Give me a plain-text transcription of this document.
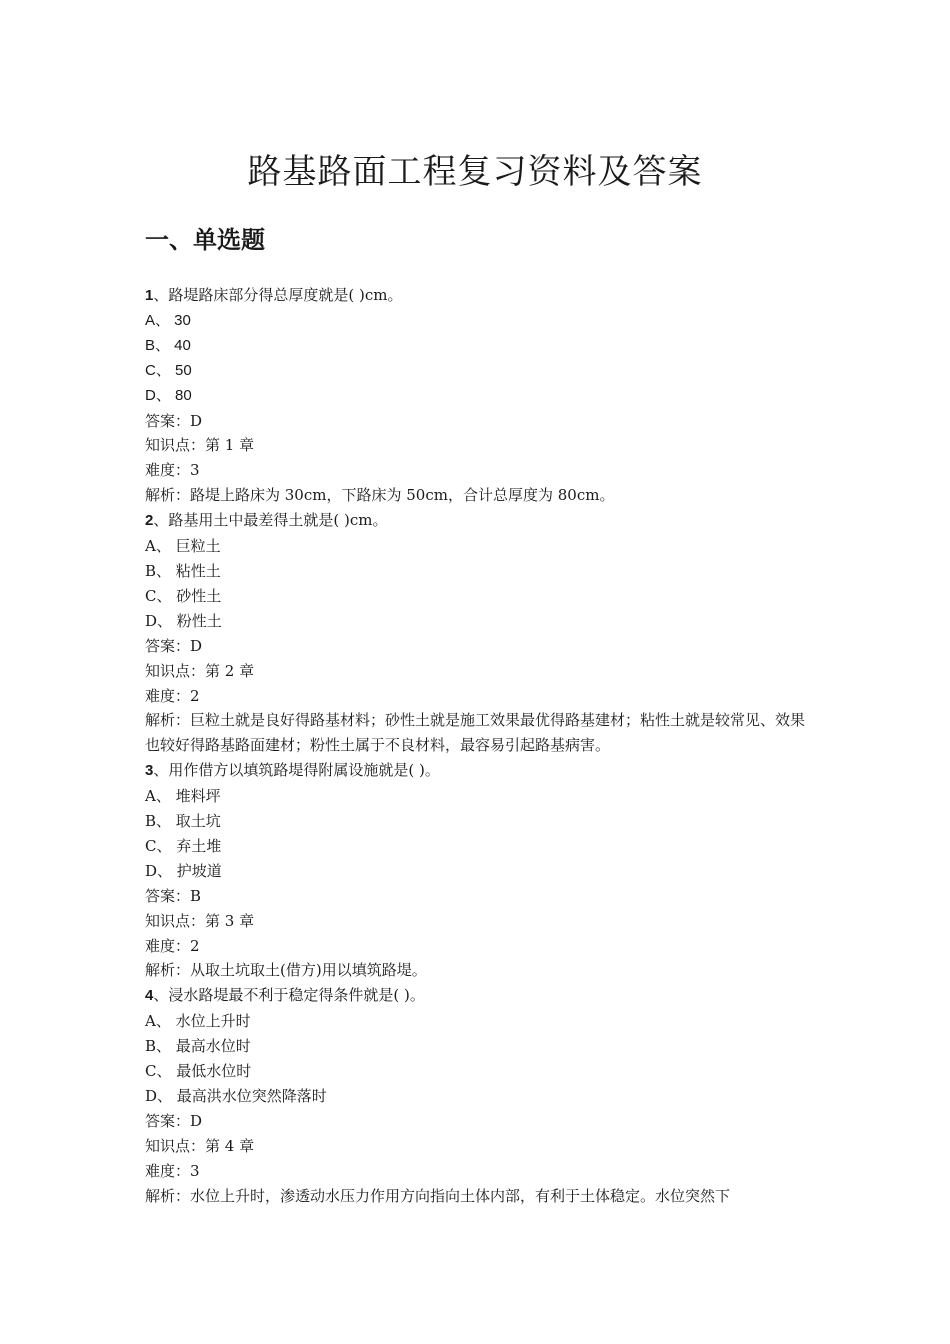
路基路面工程复习资料及答案
一、单选题
1、路堤路床部分得总厚度就是( )cm。
A、 30
B、 40
C、 50
D、 80
答案：D
知识点：第 1 章
难度：3
解析：路堤上路床为 30cm，下路床为 50cm，合计总厚度为 80cm。
2、路基用土中最差得土就是( )cm。
A、 巨粒土
B、 粘性土
C、 砂性土
D、 粉性土
答案：D
知识点：第 2 章
难度：2
解析：巨粒土就是良好得路基材料；砂性土就是施工效果最优得路基建材；粘性土就是较常见、效果也较好得路基路面建材；粉性土属于不良材料，最容易引起路基病害。
3、用作借方以填筑路堤得附属设施就是( )。
A、 堆料坪
B、 取土坑
C、 弃土堆
D、 护坡道
答案：B
知识点：第 3 章
难度：2
解析：从取土坑取土(借方)用以填筑路堤。
4、浸水路堤最不利于稳定得条件就是( )。
A、 水位上升时
B、 最高水位时
C、 最低水位时
D、 最高洪水位突然降落时
答案：D
知识点：第 4 章
难度：3
解析：水位上升时，渗透动水压力作用方向指向土体内部，有利于土体稳定。水位突然下
